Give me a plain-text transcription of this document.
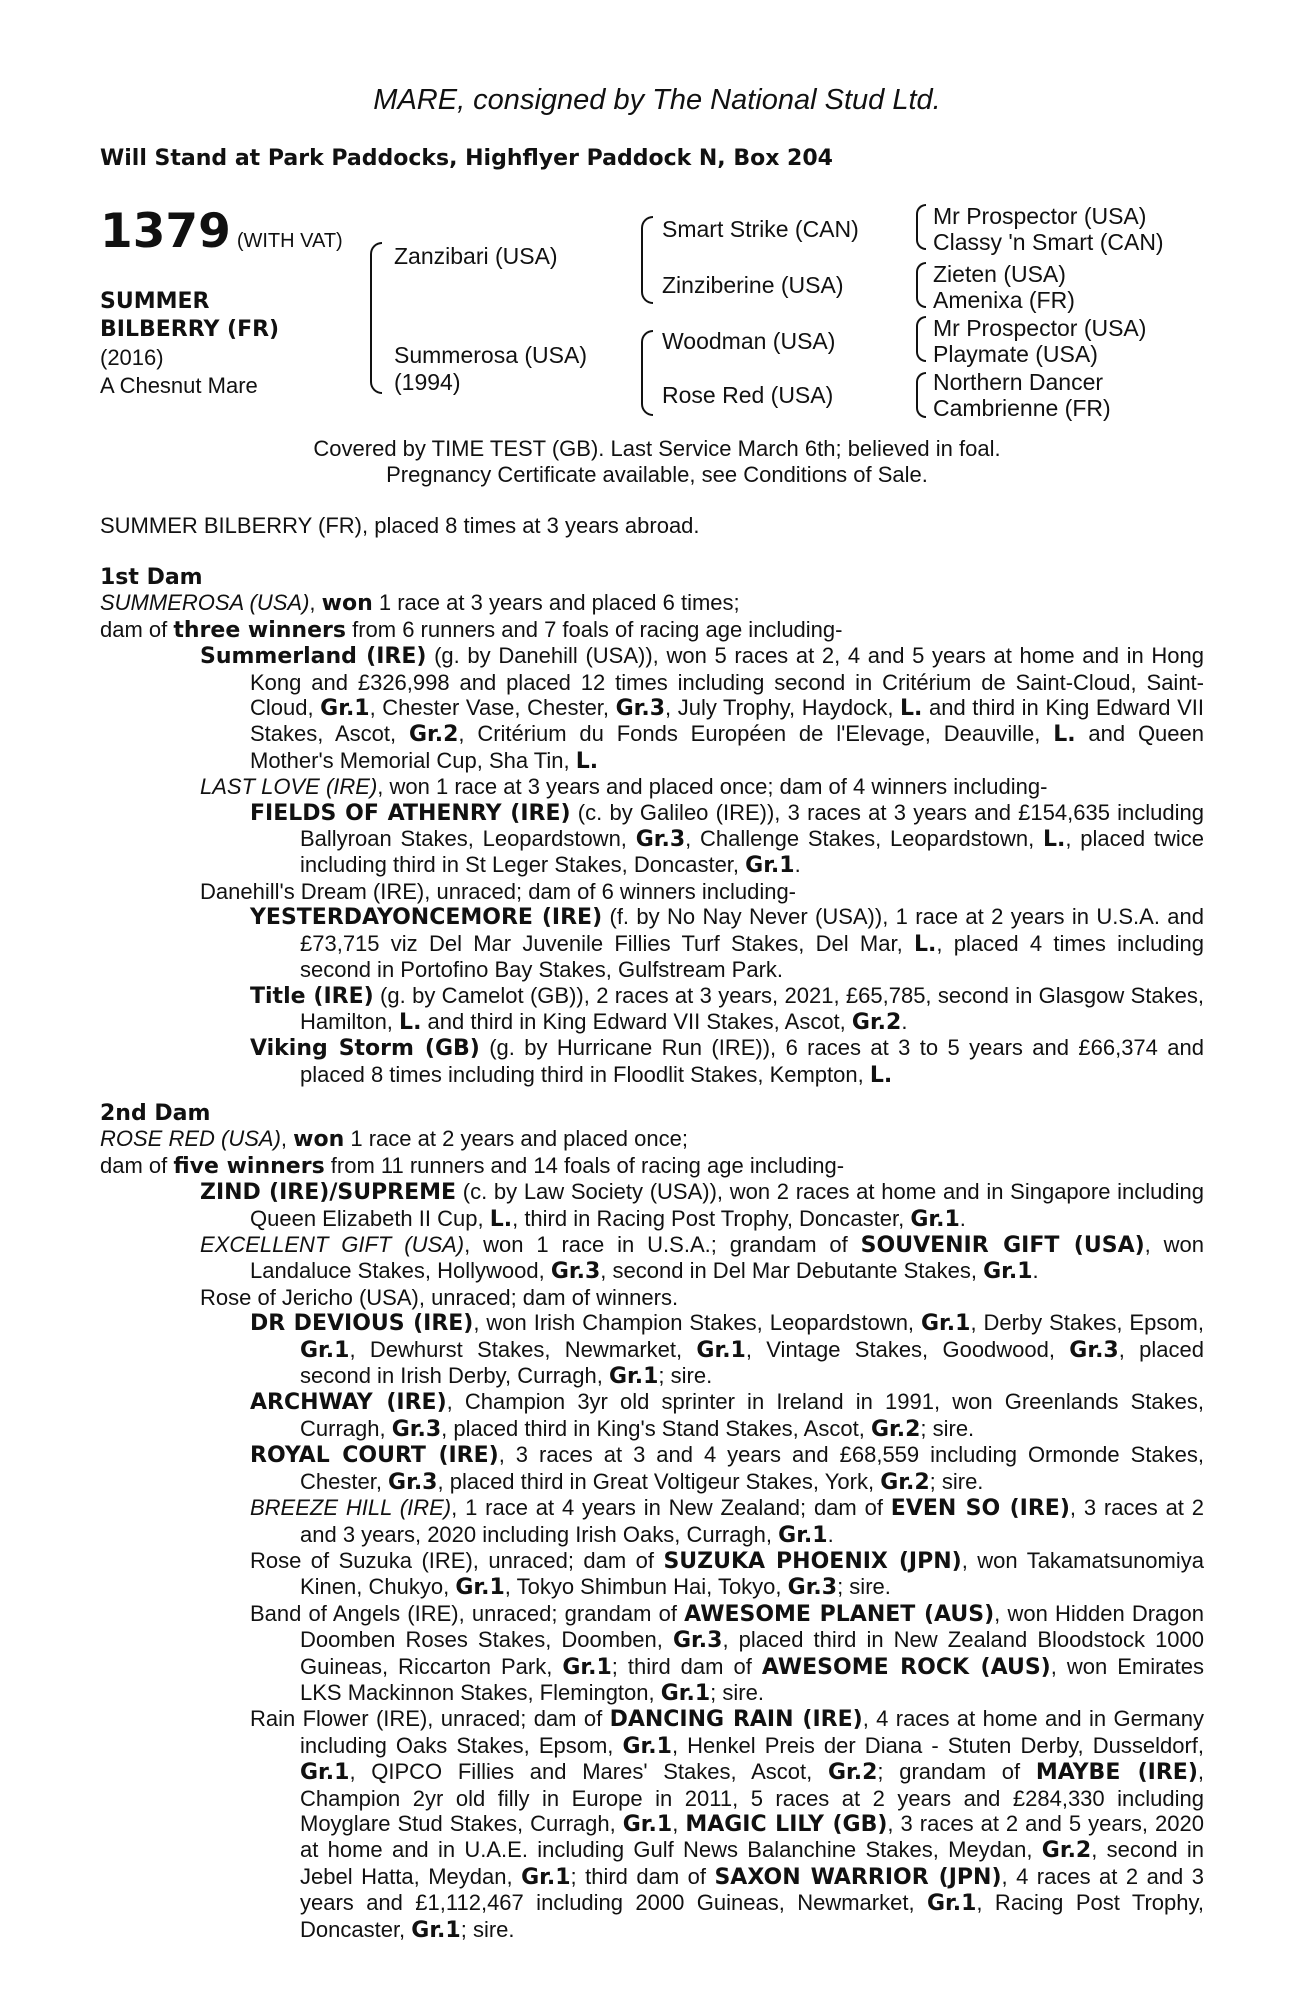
MARE, consigned by The National Stud Ltd.
Will Stand at Park Paddocks, Highflyer Paddock N, Box 204
1379 (WITH VAT)
SUMMER
BILBERRY (FR)
(2016)
A Chesnut Mare
Zanzibari (USA)
Summerosa (USA)
(1994)
Smart Strike (CAN)
Zinziberine (USA)
Woodman (USA)
Rose Red (USA)
Mr Prospector (USA)
Classy 'n Smart (CAN)
Zieten (USA)
Amenixa (FR)
Mr Prospector (USA)
Playmate (USA)
Northern Dancer
Cambrienne (FR)
Covered by TIME TEST (GB). Last Service March 6th; believed in foal.
Pregnancy Certificate available, see Conditions of Sale.
SUMMER BILBERRY (FR), placed 8 times at 3 years abroad.
1st Dam

SUMMEROSA (USA), won 1 race at 3 years and placed 6 times;

dam of three winners from 6 runners and 7 foals of racing age including-

Summerland (IRE) (g. by Danehill (USA)), won 5 races at 2, 4 and 5 years at home and in Hong Kong and £326,998 and placed 12 times including second in Critérium de Saint-Cloud, Saint-Cloud, Gr.1, Chester Vase, Chester, Gr.3, July Trophy, Haydock, L. and third in King Edward VII Stakes, Ascot, Gr.2, Critérium du Fonds Européen de l'Elevage, Deauville, L. and Queen Mother's Memorial Cup, Sha Tin, L.

LAST LOVE (IRE), won 1 race at 3 years and placed once; dam of 4 winners including-

FIELDS OF ATHENRY (IRE) (c. by Galileo (IRE)), 3 races at 3 years and £154,635 including Ballyroan Stakes, Leopardstown, Gr.3, Challenge Stakes, Leopardstown, L., placed twice including third in St Leger Stakes, Doncaster, Gr.1.

Danehill's Dream (IRE), unraced; dam of 6 winners including-

YESTERDAYONCEMORE (IRE) (f. by No Nay Never (USA)), 1 race at 2 years in U.S.A. and £73,715 viz Del Mar Juvenile Fillies Turf Stakes, Del Mar, L., placed 4 times including second in Portofino Bay Stakes, Gulfstream Park.

Title (IRE) (g. by Camelot (GB)), 2 races at 3 years, 2021, £65,785, second in Glasgow Stakes, Hamilton, L. and third in King Edward VII Stakes, Ascot, Gr.2.

Viking Storm (GB) (g. by Hurricane Run (IRE)), 6 races at 3 to 5 years and £66,374 and placed 8 times including third in Floodlit Stakes, Kempton, L.

2nd Dam

ROSE RED (USA), won 1 race at 2 years and placed once;

dam of five winners from 11 runners and 14 foals of racing age including-

ZIND (IRE)/SUPREME (c. by Law Society (USA)), won 2 races at home and in Singapore including Queen Elizabeth II Cup, L., third in Racing Post Trophy, Doncaster, Gr.1.

EXCELLENT GIFT (USA), won 1 race in U.S.A.; grandam of SOUVENIR GIFT (USA), won Landaluce Stakes, Hollywood, Gr.3, second in Del Mar Debutante Stakes, Gr.1.

Rose of Jericho (USA), unraced; dam of winners.

DR DEVIOUS (IRE), won Irish Champion Stakes, Leopardstown, Gr.1, Derby Stakes, Epsom, Gr.1, Dewhurst Stakes, Newmarket, Gr.1, Vintage Stakes, Goodwood, Gr.3, placed second in Irish Derby, Curragh, Gr.1; sire.

ARCHWAY (IRE), Champion 3yr old sprinter in Ireland in 1991, won Greenlands Stakes, Curragh, Gr.3, placed third in King's Stand Stakes, Ascot, Gr.2; sire.

ROYAL COURT (IRE), 3 races at 3 and 4 years and £68,559 including Ormonde Stakes, Chester, Gr.3, placed third in Great Voltigeur Stakes, York, Gr.2; sire.

BREEZE HILL (IRE), 1 race at 4 years in New Zealand; dam of EVEN SO (IRE), 3 races at 2 and 3 years, 2020 including Irish Oaks, Curragh, Gr.1.

Rose of Suzuka (IRE), unraced; dam of SUZUKA PHOENIX (JPN), won Takamatsunomiya Kinen, Chukyo, Gr.1, Tokyo Shimbun Hai, Tokyo, Gr.3; sire.

Band of Angels (IRE), unraced; grandam of AWESOME PLANET (AUS), won Hidden Dragon Doomben Roses Stakes, Doomben, Gr.3, placed third in New Zealand Bloodstock 1000 Guineas, Riccarton Park, Gr.1; third dam of AWESOME ROCK (AUS), won Emirates LKS Mackinnon Stakes, Flemington, Gr.1; sire.

Rain Flower (IRE), unraced; dam of DANCING RAIN (IRE), 4 races at home and in Germany including Oaks Stakes, Epsom, Gr.1, Henkel Preis der Diana - Stuten Derby, Dusseldorf, Gr.1, QIPCO Fillies and Mares' Stakes, Ascot, Gr.2; grandam of MAYBE (IRE), Champion 2yr old filly in Europe in 2011, 5 races at 2 years and £284,330 including Moyglare Stud Stakes, Curragh, Gr.1, MAGIC LILY (GB), 3 races at 2 and 5 years, 2020 at home and in U.A.E. including Gulf News Balanchine Stakes, Meydan, Gr.2, second in Jebel Hatta, Meydan, Gr.1; third dam of SAXON WARRIOR (JPN), 4 races at 2 and 3 years and £1,112,467 including 2000 Guineas, Newmarket, Gr.1, Racing Post Trophy, Doncaster, Gr.1; sire.
